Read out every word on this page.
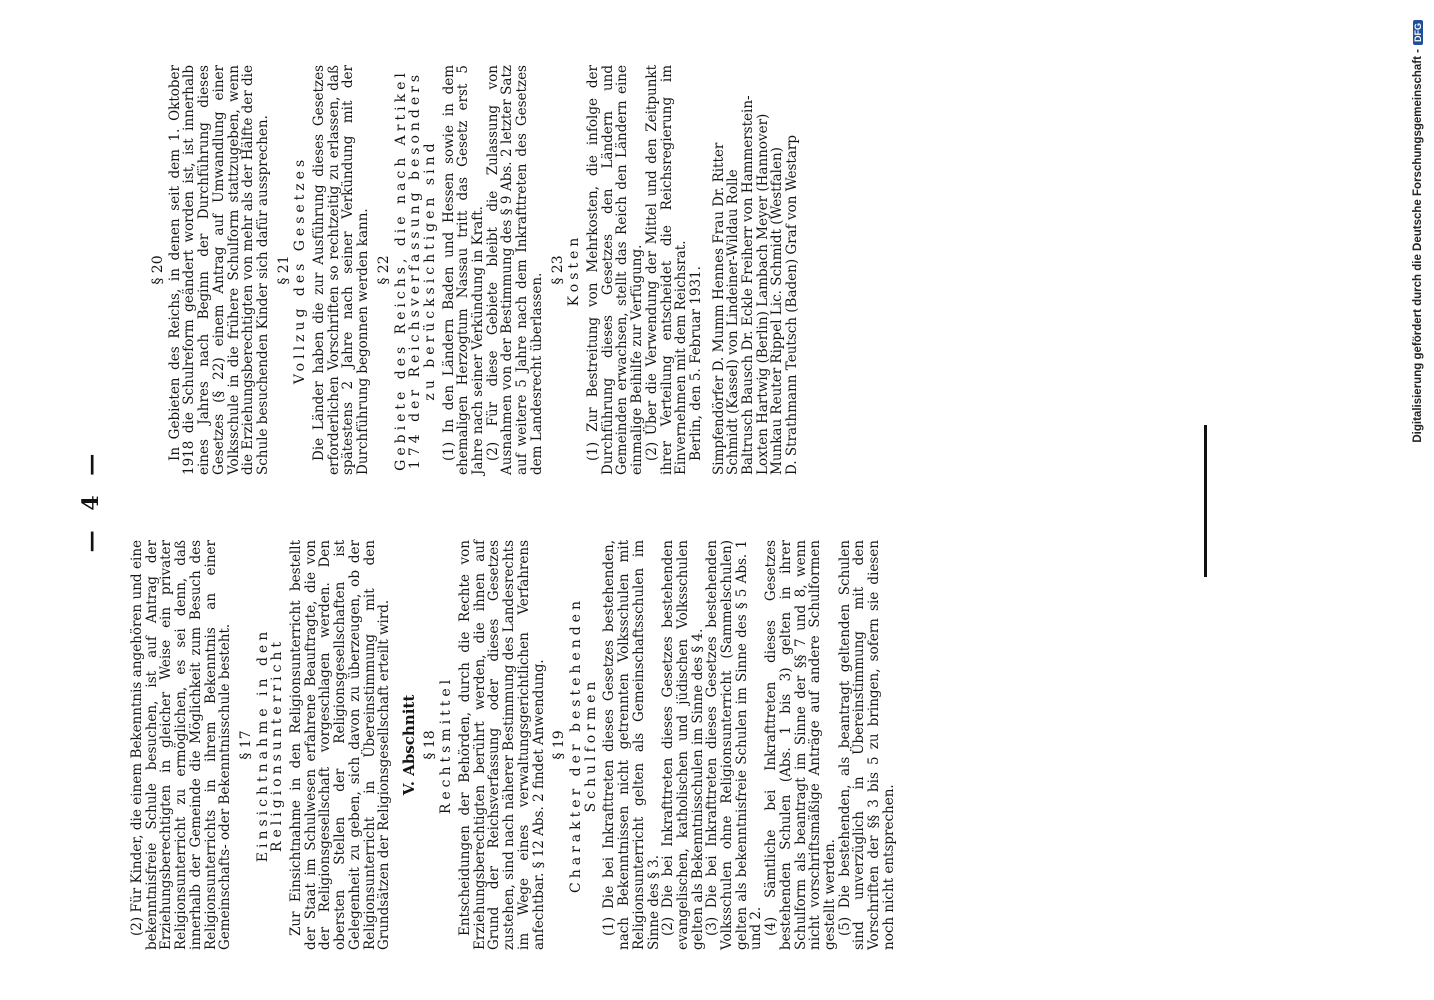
— 4 —

(2) Für Kinder, die einem Bekenntnis angehören und eine bekenntnisfreie Schule besuchen, ist auf Antrag der Erziehungsberechtigten in gleicher Weise ein privater Religionsunterricht zu ermöglichen, es sei denn, daß innerhalb der Gemeinde die Möglichkeit zum Besuch des Religionsunterrichts in ihrem Bekenntnis an einer Gemeinschafts- oder Bekenntnisschule besteht. § 17 Einsichtnahme in den Religionsunterricht Zur Einsichtnahme in den Religionsunterricht bestellt der Staat im Schulwesen erfahrene Beauftragte, die von der Religionsgesellschaft vorgeschlagen werden. Den obersten Stellen der Religionsgesellschaften ist Gelegenheit zu geben, sich davon zu überzeugen, ob der Religionsunterricht in Übereinstimmung mit den Grundsätzen der Religionsgesellschaft erteilt wird. V. Abschnitt § 18 Rechtsmittel Entscheidungen der Behörden, durch die Rechte von Erziehungsberechtigten berührt werden, die ihnen auf Grund der Reichsverfassung oder dieses Gesetzes zustehen, sind nach näherer Bestimmung des Landesrechts im Wege eines verwaltungsgerichtlichen Verfahrens anfechtbar. § 12 Abs. 2 findet Anwendung. § 19 Charakter der bestehenden Schulformen (1) Die bei Inkrafttreten dieses Gesetzes bestehenden, nach Bekenntnissen nicht getrennten Volksschulen mit Religionsunterricht gelten als Gemeinschaftsschulen im Sinne des § 3.

(2) Die bei Inkrafttreten dieses Gesetzes bestehenden evangelischen, katholischen und jüdischen Volksschulen gelten als Bekenntnisschulen im Sinne des § 4.

(3) Die bei Inkrafttreten dieses Gesetzes bestehenden Volksschulen ohne Religionsunterricht (Sammelschulen) gelten als bekenntnisfreie Schulen im Sinne des § 5 Abs. 1 und 2.

(4) Sämtliche bei Inkrafttreten dieses Gesetzes bestehenden Schulen (Abs. 1 bis 3) gelten in ihrer Schulform als beantragt im Sinne der §§ 7 und 8, wenn nicht vorschriftsmäßige Anträge auf andere Schulformen gestellt werden.

(5) Die bestehenden, als beantragt geltenden Schulen sind unverzüglich in Übereinstimmung mit den Vorschriften der §§ 3 bis 5 zu bringen, sofern sie diesen noch nicht entsprechen.

§ 20 In Gebieten des Reichs, in denen seit dem 1. Oktober 1918 die Schulreform geändert worden ist, ist innerhalb eines Jahres nach Beginn der Durchführung dieses Gesetzes (§ 22) einem Antrag auf Umwandlung einer Volksschule in die frühere Schulform stattzugeben, wenn die Erziehungsberechtigten von mehr als der Hälfte der die Schule besuchenden Kinder sich dafür aussprechen. § 21 Vollzug des Gesetzes Die Länder haben die zur Ausführung dieses Gesetzes erforderlichen Vorschriften so rechtzeitig zu erlassen, daß spätestens 2 Jahre nach seiner Verkündung mit der Durchführung begonnen werden kann. § 22 Gebiete des Reichs, die nach Artikel 174 der Reichsverfassung besonders zu berücksichtigen sind (1) In den Ländern Baden und Hessen sowie in dem ehemaligen Herzogtum Nassau tritt das Gesetz erst 5 Jahre nach seiner Verkündung in Kraft.

(2) Für diese Gebiete bleibt die Zulassung von Ausnahmen von der Bestimmung des § 9 Abs. 2 letzter Satz auf weitere 5 Jahre nach dem Inkrafttreten des Gesetzes dem Landesrecht überlassen.

§ 23 Kosten (1) Zur Bestreitung von Mehrkosten, die infolge der Durchführung dieses Gesetzes den Ländern und Gemeinden erwachsen, stellt das Reich den Ländern eine einmalige Beihilfe zur Verfügung.

(2) Über die Verwendung der Mittel und den Zeitpunkt ihrer Verteilung entscheidet die Reichsregierung im Einvernehmen mit dem Reichsrat.

Berlin, den 5. Februar 1931. Simpfendörfer D. Mumm Hennes Frau Dr. Ritter

Schmidt (Kassel) von Lindeiner-Wildau Rolle

Baltrusch Bausch Dr. Eckle Freiherr von Hammerstein-

Loxten Hartwig (Berlin) Lambach Meyer (Hannover)

Munkau Reuter Rippel Lic. Schmidt (Westfalen)

D. Strathmann Teutsch (Baden) Graf von Westarp	Digitalisierung gefördert durch die Deutsche Forschungsgemeinschaft -DFG
